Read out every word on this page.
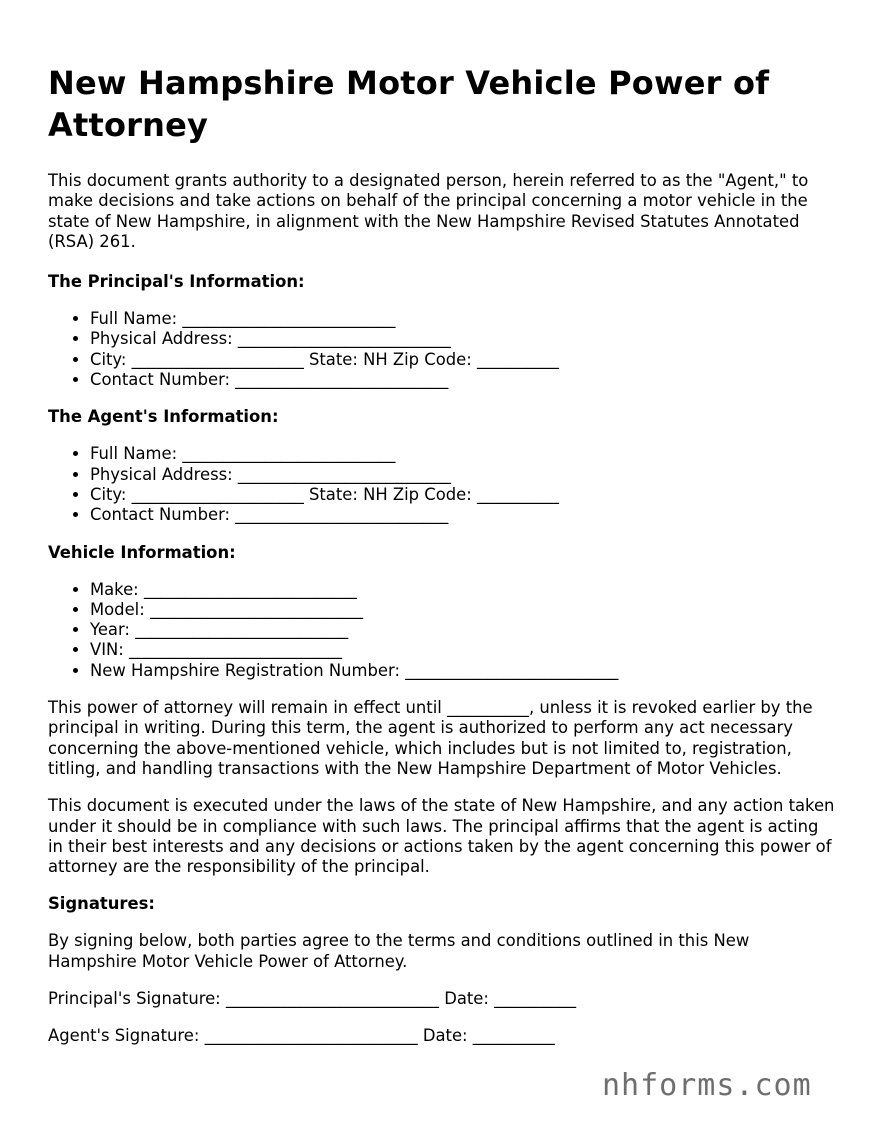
New Hampshire Motor Vehicle Power of Attorney

This document grants authority to a designated person, herein referred to as the "Agent," to make decisions and take actions on behalf of the principal concerning a motor vehicle in the state of New Hampshire, in alignment with the New Hampshire Revised Statutes Annotated (RSA) 261.

The Principal's Information:
• Full Name: __________________________
• Physical Address: __________________________
• City: _____________________ State: NH Zip Code: __________
• Contact Number: __________________________
The Agent's Information:
• Full Name: __________________________
• Physical Address: __________________________
• City: _____________________ State: NH Zip Code: __________
• Contact Number: __________________________
Vehicle Information:
• Make: __________________________
• Model: __________________________
• Year: __________________________
• VIN: __________________________
• New Hampshire Registration Number: __________________________

This power of attorney will remain in effect until __________, unless it is revoked earlier by the principal in writing. During this term, the agent is authorized to perform any act necessary concerning the above-mentioned vehicle, which includes but is not limited to, registration, titling, and handling transactions with the New Hampshire Department of Motor Vehicles.

This document is executed under the laws of the state of New Hampshire, and any action taken under it should be in compliance with such laws. The principal affirms that the agent is acting in their best interests and any decisions or actions taken by the agent concerning this power of attorney are the responsibility of the principal.

Signatures:

By signing below, both parties agree to the terms and conditions outlined in this New Hampshire Motor Vehicle Power of Attorney.

Principal's Signature: __________________________ Date: __________

Agent's Signature: __________________________ Date: __________

nhforms.com
